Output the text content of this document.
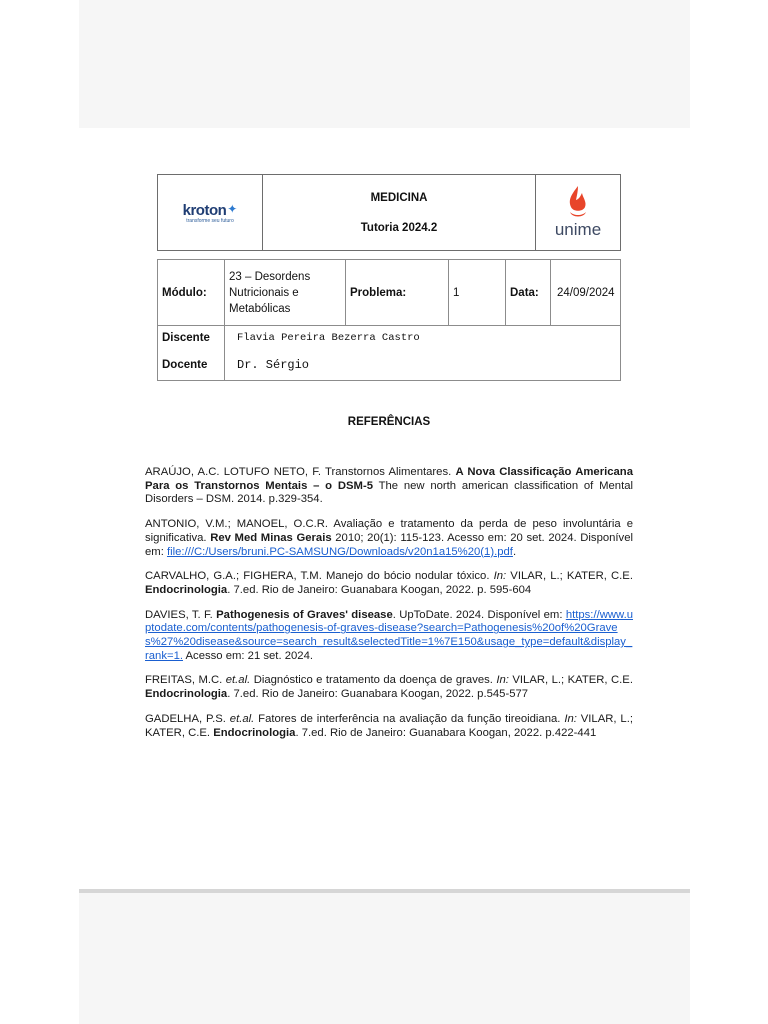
kroton✦
transforme seu futuro

MEDICINA
Tutoria 2024.2	unime
Módulo:	23 – Desordens
Nutricionais e
Metabólicas	Problema:	1	Data:	24/09/2024
Discente	Flavia Pereira Bezerra Castro				
Docente	Dr. Sérgio				
REFERÊNCIAS

ARAÚJO, A.C. LOTUFO NETO, F. Transtornos Alimentares. A Nova Classificação Americana Para os Transtornos Mentais – o DSM-5 The new north american classification of Mental Disorders – DSM. 2014. p.329-354.

ANTONIO, V.M.; MANOEL, O.C.R. Avaliação e tratamento da perda de peso involuntária e significativa. Rev Med Minas Gerais 2010; 20(1): 115-123. Acesso em: 20 set. 2024. Disponível em: file:///C:/Users/bruni.PC-SAMSUNG/Downloads/v20n1a15%20(1).pdf.

CARVALHO, G.A.; FIGHERA, T.M. Manejo do bócio nodular tóxico. In: VILAR, L.; KATER, C.E. Endocrinologia. 7.ed. Rio de Janeiro: Guanabara Koogan, 2022. p. 595-604

DAVIES, T. F. Pathogenesis of Graves' disease. UpToDate. 2024. Disponível em: https://www.uptodate.com/contents/pathogenesis-of-graves-disease?search=Pathogenesis%20of%20Graves%27%20disease&source=search_result&selectedTitle=1%7E150&usage_type=default&display_rank=1. Acesso em: 21 set. 2024.

FREITAS, M.C. et.al. Diagnóstico e tratamento da doença de graves. In: VILAR, L.; KATER, C.E. Endocrinologia. 7.ed. Rio de Janeiro: Guanabara Koogan, 2022. p.545-577

GADELHA, P.S. et.al. Fatores de interferência na avaliação da função tireoidiana. In: VILAR, L.; KATER, C.E. Endocrinologia. 7.ed. Rio de Janeiro: Guanabara Koogan, 2022. p.422-441
